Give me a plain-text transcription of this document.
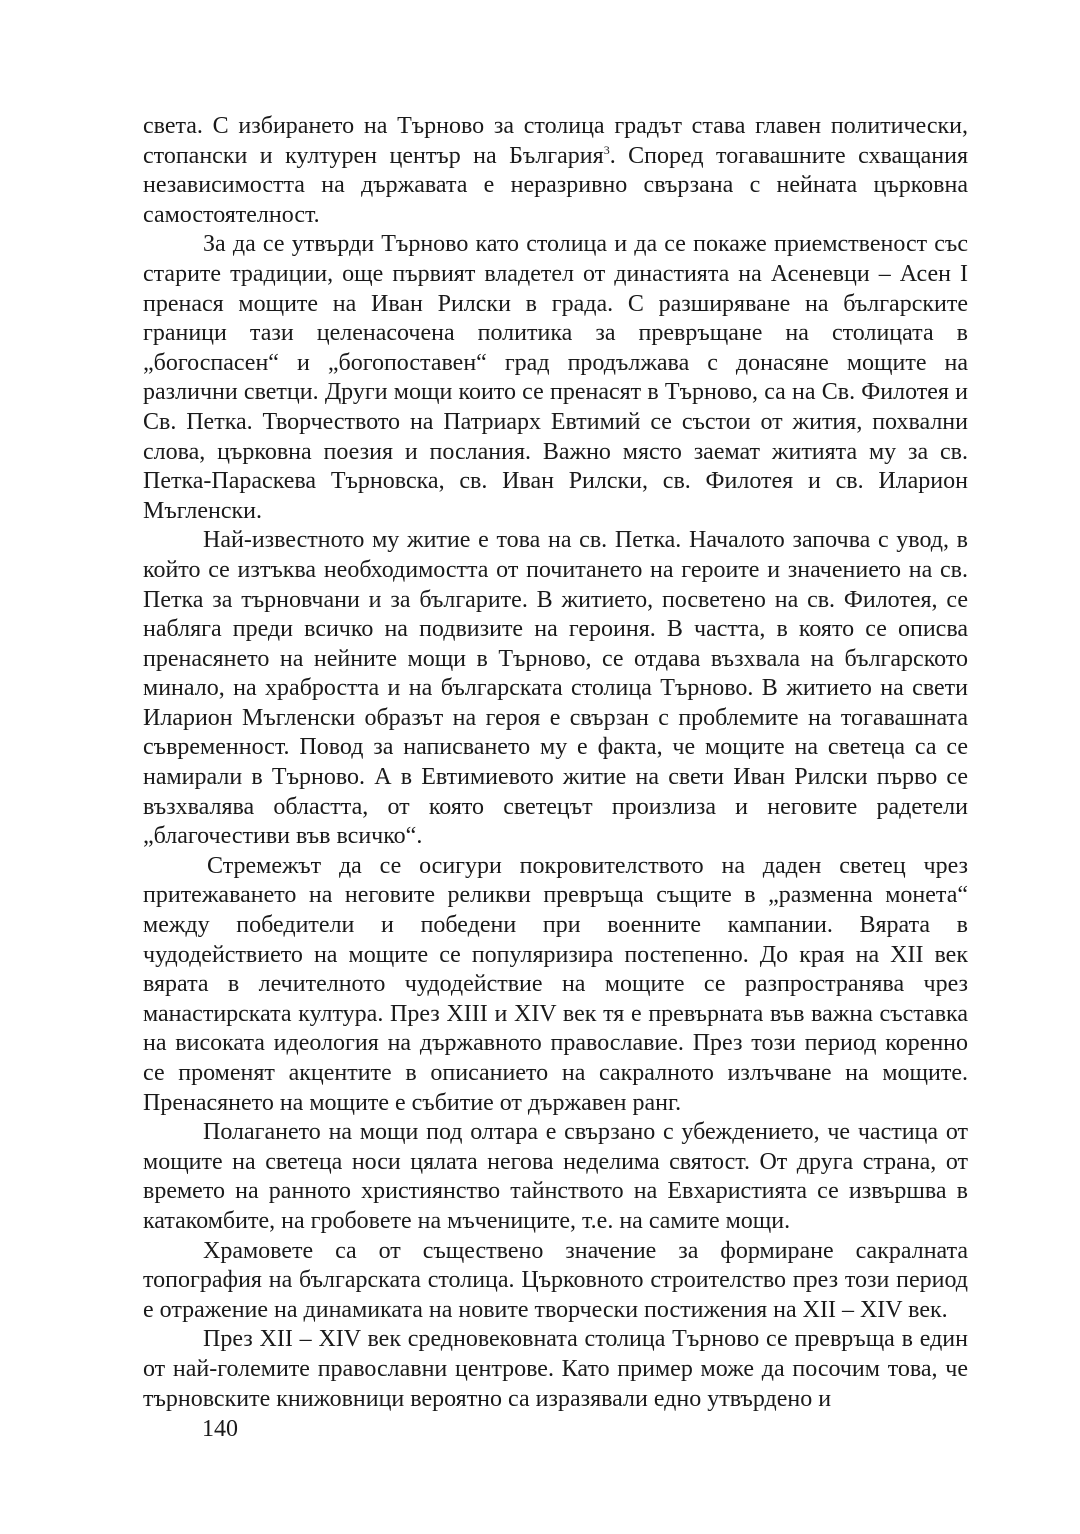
света. С избирането на Търново за столица градът става главен политически, стопански и културен център на България$^3$. Според тогавашните схващания независимостта на държавата е неразривно свързана с нейната църковна самостоятелност.

За да се утвърди Търново като столица и да се покаже приемственост със старите традиции, още първият владетел от династията на Асеневци – Асен I пренася мощите на Иван Рилски в града. С разширяване на българските граници тази целенасочена политика за превръщане на столицата в „богоспасен“ и „богопоставен“ град продължава с донасяне мощите на различни светци. Други мощи които се пренасят в Търново, са на Св. Филотея и Св. Петка. Творчеството на Патриарх Евтимий се състои от жития, похвални слова, църковна поезия и послания. Важно място заемат житията му за св. Петка-Параскева Търновска, св. Иван Рилски, св. Филотея и св. Иларион Мъгленски.

Най-известното му житие е това на св. Петка. Началото започва с увод, в който се изтъква необходимостта от почитането на героите и значението на св. Петка за търновчани и за българите. В житието, посветено на св. Филотея, се набляга преди всичко на подвизите на героиня. В частта, в която се описва пренасянето на нейните мощи в Търново, се отдава възхвала на българското минало, на храбростта и на българската столица Търново. В житието на свети Иларион Мъгленски образът на героя е свързан с проблемите на тогавашната съвременност. Повод за написването му е факта, че мощите на светеца са се намирали в Търново. А в Евтимиевото житие на свети Иван Рилски първо се възхвалява областта, от която светецът произлиза и неговите радетели „благочестиви във всичко“.

Стремежът да се осигури покровителството на даден светец чрез притежаването на неговите реликви превръща същите в „разменна монета“ между победители и победени при военните кампании. Вярата в чудодействието на мощите се популяризира постепенно. До края на XII век вярата в лечителното чудодействие на мощите се разпространява чрез манастирската култура. През XIII и XIV век тя е превърната във важна съставка на високата идеология на държавното православие. През този период коренно се променят акцентите в описанието на сакралното излъчване на мощите. Пренасянето на мощите е събитие от държавен ранг.

Полагането на мощи под олтара е свързано с убеждението, че частица от мощите на светеца носи цялата негова неделима святост. От друга страна, от времето на ранното християнство тайнството на Евхаристията се извършва в катакомбите, на гробовете на мъчениците, т.е. на самите мощи.

Храмовете са от съществено значение за формиране сакралната топография на българската столица. Църковното строителство през този период е отражение на динамиката на новите творчески постижения на XII – XIV век.

През XII – XIV век средновековната столица Търново се превръща в един от най-големите православни центрове. Като пример може да посочим това, че търновските книжовници вероятно са изразявали едно утвърдено и

140
